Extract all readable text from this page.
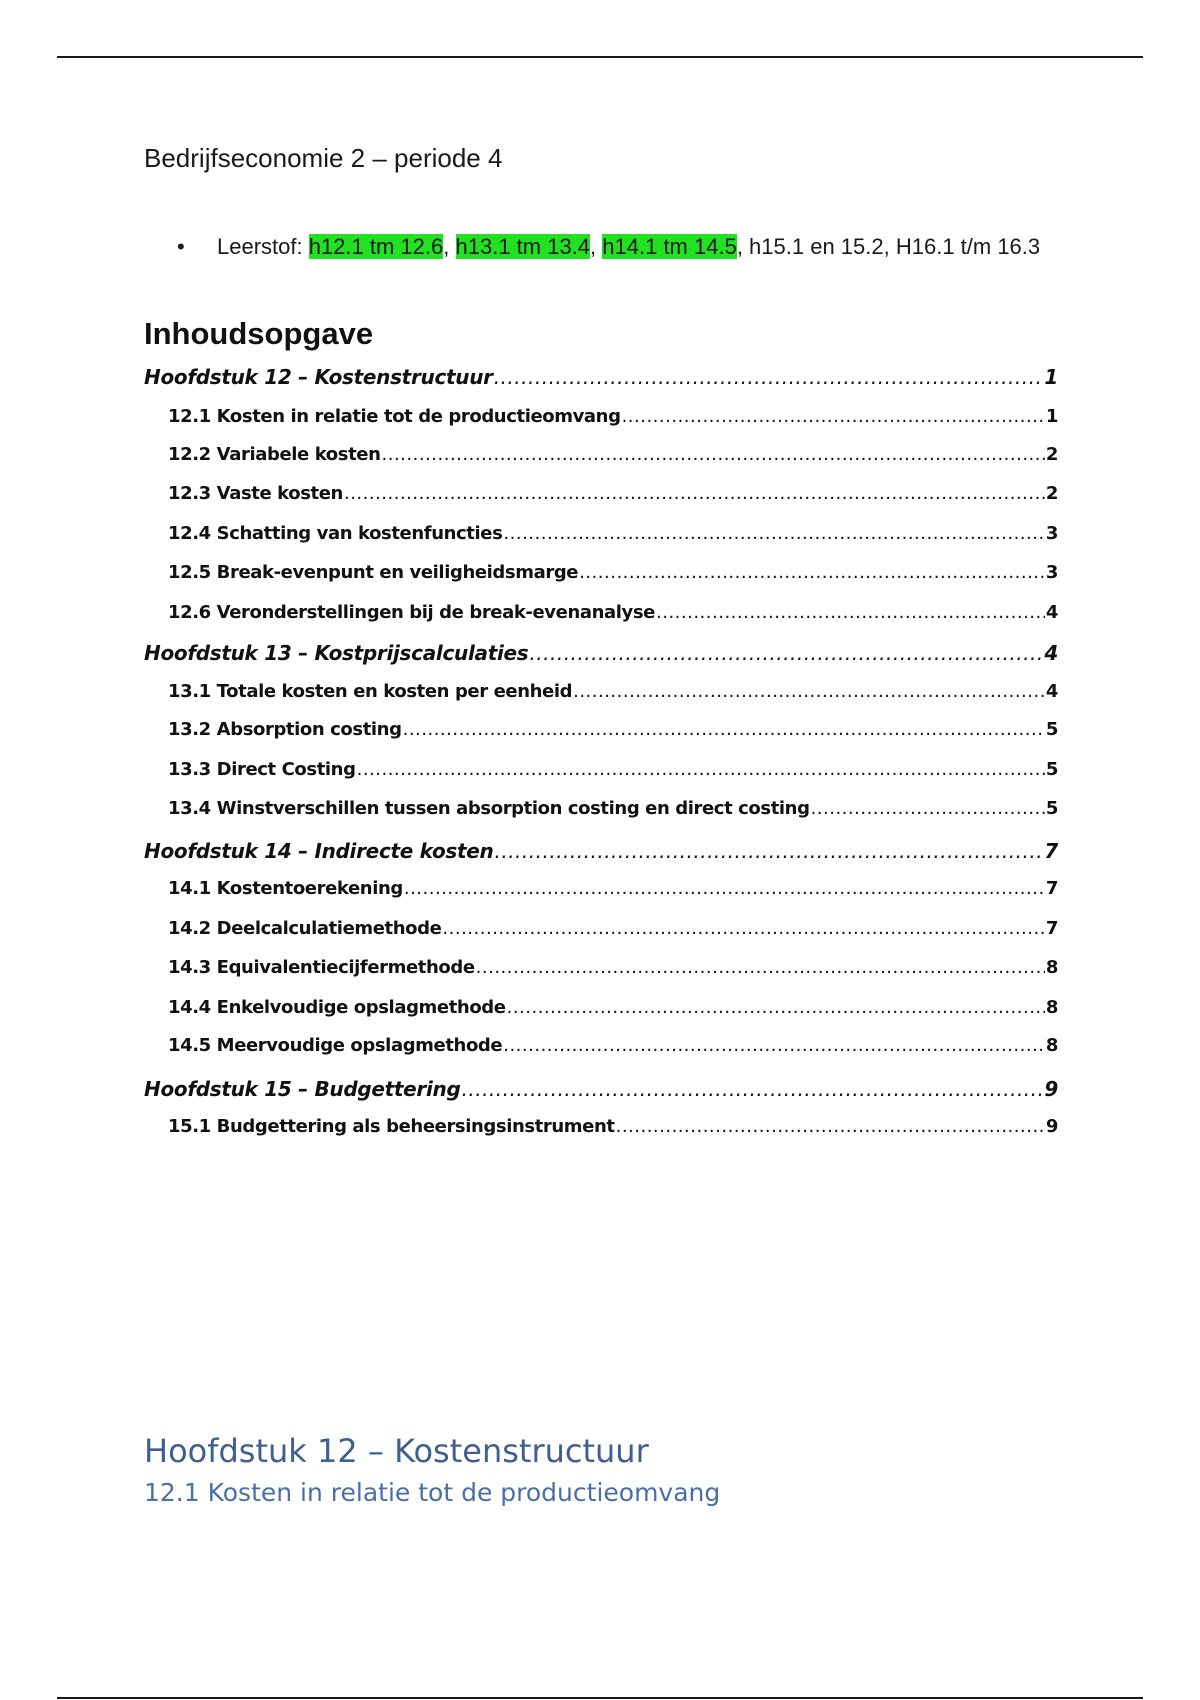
Bedrijfseconomie 2 – periode 4
• Leerstof: h12.1 tm 12.6, h13.1 tm 13.4, h14.1 tm 14.5, h15.1 en 15.2, H16.1 t/m 16.3
Inhoudsopgave
Hoofdstuk 12 – Kostenstructuur .....	1
12.1 Kosten in relatie tot de productieomvang .....	1
12.2 Variabele kosten .....	2
12.3 Vaste kosten .....	2
12.4 Schatting van kostenfuncties .....	3
12.5 Break-evenpunt en veiligheidsmarge .....	3
12.6 Veronderstellingen bij de break-evenanalyse .....	4
Hoofdstuk 13 – Kostprijscalculaties .....	4
13.1 Totale kosten en kosten per eenheid .....	4
13.2 Absorption costing .....	5
13.3 Direct Costing .....	5
13.4 Winstverschillen tussen absorption costing en direct costing .....	5
Hoofdstuk 14 – Indirecte kosten .....	7
14.1 Kostentoerekening .....	7
14.2 Deelcalculatiemethode .....	7
14.3 Equivalentiecijfermethode .....	8
14.4 Enkelvoudige opslagmethode .....	8
14.5 Meervoudige opslagmethode .....	8
Hoofdstuk 15 – Budgettering .....	9
15.1 Budgettering als beheersingsinstrument .....	9
Hoofdstuk 12 – Kostenstructuur
12.1 Kosten in relatie tot de productieomvang
